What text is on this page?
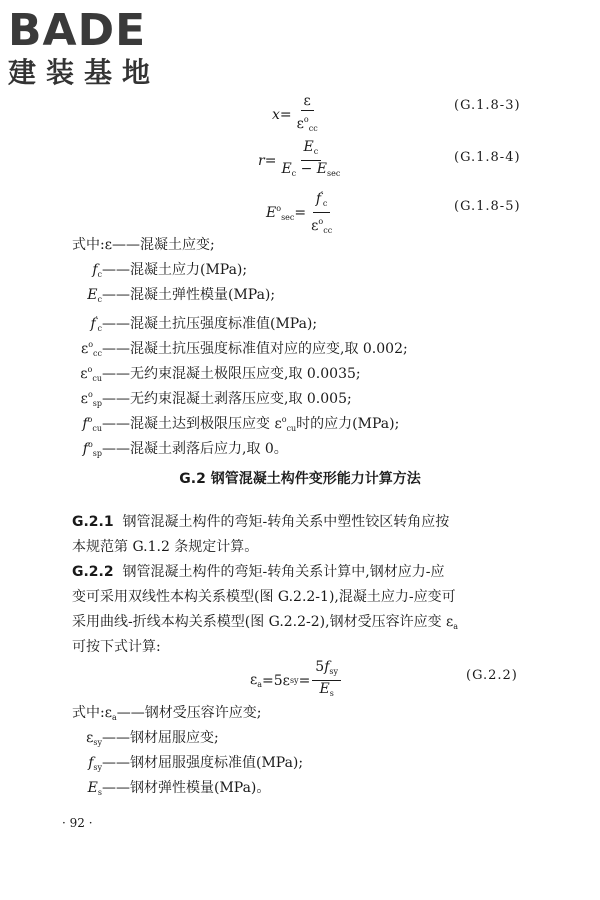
BADE
建装基地
$x = \frac{\varepsilon}{\varepsilon^o_{cc}}$	(G.1.8-3)
$r = \frac{E_c}{E_c - E_{sec}}$	(G.1.8-4)
$E^o_{sec} = \frac{f'_c}{\varepsilon^o_{cc}}$	(G.1.8-5)
式中:ε——混凝土应变;
$f_c——$混凝土应力(MPa);
$E_c——$混凝土弹性模量(MPa);
$f'_c——$混凝土抗压强度标准值(MPa);
$\varepsilon^o_{cc}——$混凝土抗压强度标准值对应的应变,取 0.002;
$\varepsilon^o_{cu}——$无约束混凝土极限压应变,取 0.0035;
$\varepsilon^o_{sp}——$无约束混凝土剥落压应变,取 0.005;
$f^o_{cu}——$混凝土达到极限压应变 $\varepsilon^o_{cu}$时的应力(MPa);
$f^o_{sp}——$混凝土剥落后应力,取 0。
G.2 钢管混凝土构件变形能力计算方法
G.2.1 钢管混凝土构件的弯矩-转角关系中塑性铰区转角应按
本规范第 G.1.2 条规定计算。
G.2.2 钢管混凝土构件的弯矩-转角关系计算中,钢材应力-应
变可采用双线性本构关系模型(图 G.2.2-1),混凝土应力-应变可
采用曲线-折线本构关系模型(图 G.2.2-2),钢材受压容许应变 $\varepsilon_a$
可按下式计算:
$\varepsilon_a =5\varepsilon$ sy = $\frac{5f_{sy}}{E_s}$	(G.2.2)
式中$:\varepsilon_a——$钢材受压容许应变;
$\varepsilon_{sy}——$钢材屈服应变;
$f_{sy}——$钢材屈服强度标准值(MPa);
$E_s——$钢材弹性模量(MPa)。
· 92 ·
